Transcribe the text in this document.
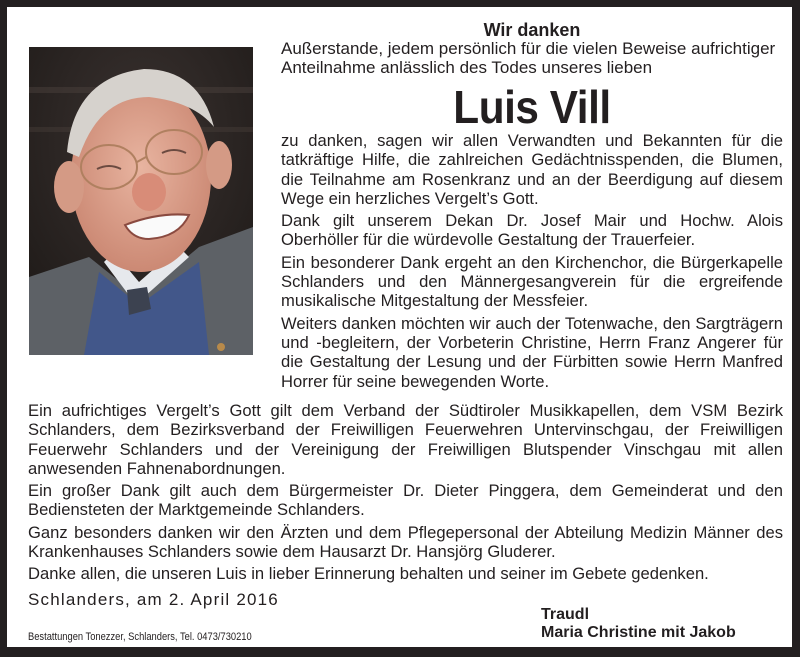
Wir danken
Außerstande, jedem persönlich für die vielen Beweise aufrichtiger Anteilnahme anlässlich des Todes unseres lieben
Luis Vill

zu danken, sagen wir allen Verwandten und Bekannten für die tatkräftige Hilfe, die zahlreichen Gedächtnisspenden, die Blumen, die Teilnahme am Rosenkranz und an der Beerdigung auf diesem Wege ein herzliches Vergelt’s Gott.

Dank gilt unserem Dekan Dr. Josef Mair und Hochw. Alois Oberhöller für die würdevolle Gestaltung der Trauerfeier.

Ein besonderer Dank ergeht an den Kirchenchor, die Bürgerkapelle Schlanders und den Männergesangverein für die ergreifende musikalische Mitgestaltung der Messfeier.

Weiters danken möchten wir auch der Totenwache, den Sargträgern und -begleitern, der Vorbeterin Christine, Herrn Franz Angerer für die Gestaltung der Lesung und der Fürbitten sowie Herrn Manfred Horrer für seine bewegenden Worte.

Ein aufrichtiges Vergelt’s Gott gilt dem Verband der Südtiroler Musikkapellen, dem VSM Bezirk Schlanders, dem Bezirksverband der Freiwilligen Feuerwehren Untervinschgau, der Freiwilligen Feuerwehr Schlanders und der Vereinigung der Freiwilligen Blutspender Vinschgau mit allen anwesenden Fahnenabordnungen.

Ein großer Dank gilt auch dem Bürgermeister Dr. Dieter Pinggera, dem Gemeinderat und den Bediensteten der Marktgemeinde Schlanders.

Ganz besonders danken wir den Ärzten und dem Pflegepersonal der Abteilung Medizin Männer des Krankenhauses Schlanders sowie dem Hausarzt Dr. Hansjörg Gluderer.

Danke allen, die unseren Luis in lieber Erinnerung behalten und seiner im Gebete gedenken.

Schlanders, am 2. April 2016
Traudl
Maria Christine mit Jakob
Bestattungen Tonezzer, Schlanders, Tel. 0473/730210
